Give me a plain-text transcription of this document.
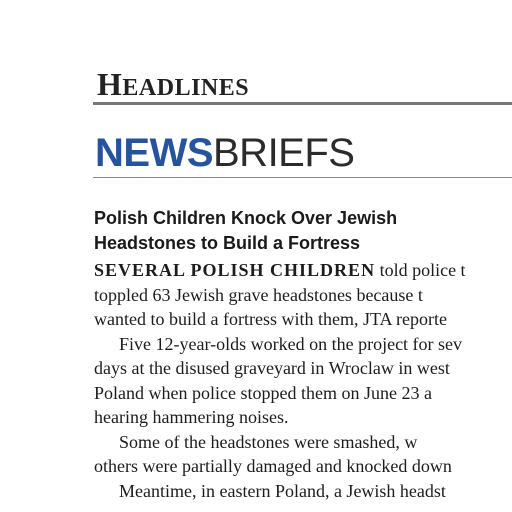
HEADLINES
NEWSBRIEFS
Polish Children Knock Over Jewish
Headstones to Build a Fortress
SEVERAL POLISH CHILDREN told police t
toppled 63 Jewish grave headstones because t
wanted to build a fortress with them, JTA reporte
Five 12-year-olds worked on the project for sev
days at the disused graveyard in Wroclaw in west
Poland when police stopped them on June 23 a
hearing hammering noises.
Some of the headstones were smashed, w
others were partially damaged and knocked down
Meantime, in eastern Poland, a Jewish headst
